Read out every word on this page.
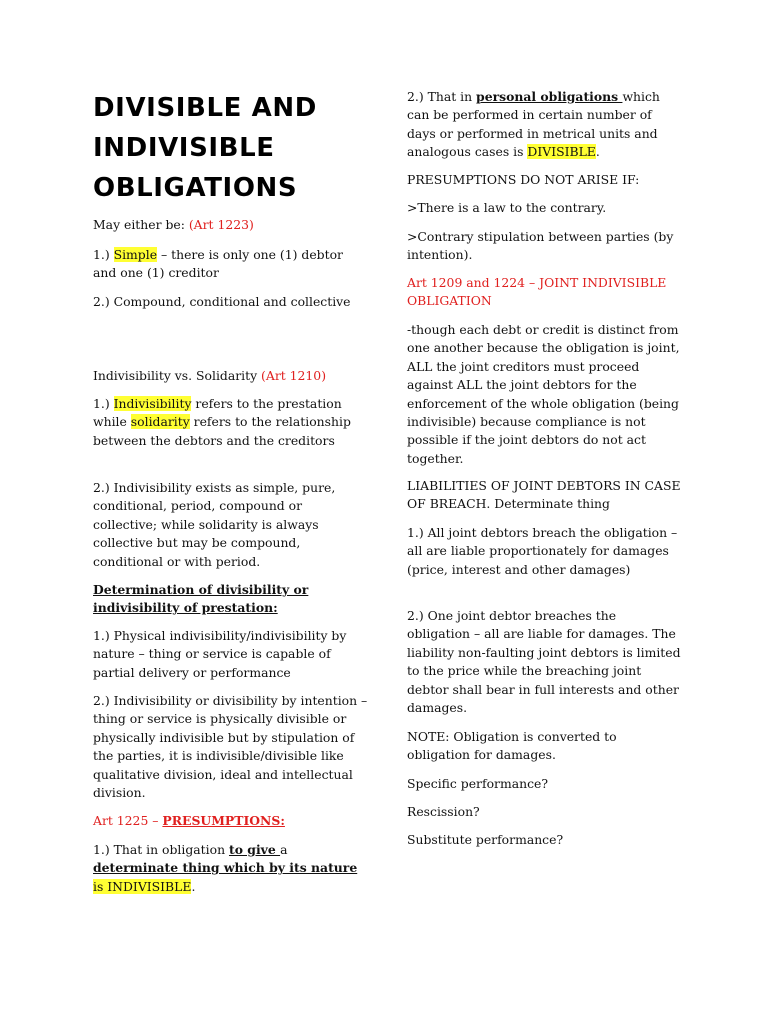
DIVISIBLE AND INDIVISIBLE OBLIGATIONS

May either be: (Art 1223)

1.) Simple – there is only one (1) debtor and one (1) creditor

2.) Compound, conditional and collective

Indivisibility vs. Solidarity (Art 1210)

1.) Indivisibility refers to the prestation while solidarity refers to the relationship between the debtors and the creditors

2.) Indivisibility exists as simple, pure, conditional, period, compound or collective; while solidarity is always collective but may be compound, conditional or with period.

Determination of divisibility or indivisibility of prestation:

1.) Physical indivisibility/indivisibility by nature – thing or service is capable of partial delivery or performance

2.) Indivisibility or divisibility by intention – thing or service is physically divisible or physically indivisible but by stipulation of the parties, it is indivisible/divisible like qualitative division, ideal and intellectual division.

Art 1225 – PRESUMPTIONS:

1.) That in obligation to give a determinate thing which by its nature is INDIVISIBLE.

2.) That in personal obligations which can be performed in certain number of days or performed in metrical units and analogous cases is DIVISIBLE.

PRESUMPTIONS DO NOT ARISE IF:

>There is a law to the contrary.

>Contrary stipulation between parties (by intention).

Art 1209 and 1224 – JOINT INDIVISIBLE OBLIGATION

-though each debt or credit is distinct from one another because the obligation is joint, ALL the joint creditors must proceed against ALL the joint debtors for the enforcement of the whole obligation (being indivisible) because compliance is not possible if the joint debtors do not act together.

LIABILITIES OF JOINT DEBTORS IN CASE OF BREACH. Determinate thing

1.) All joint debtors breach the obligation – all are liable proportionately for damages (price, interest and other damages)

2.) One joint debtor breaches the obligation – all are liable for damages. The liability non-faulting joint debtors is limited to the price while the breaching joint debtor shall bear in full interests and other damages.

NOTE: Obligation is converted to obligation for damages.

Specific performance?

Rescission?

Substitute performance?
